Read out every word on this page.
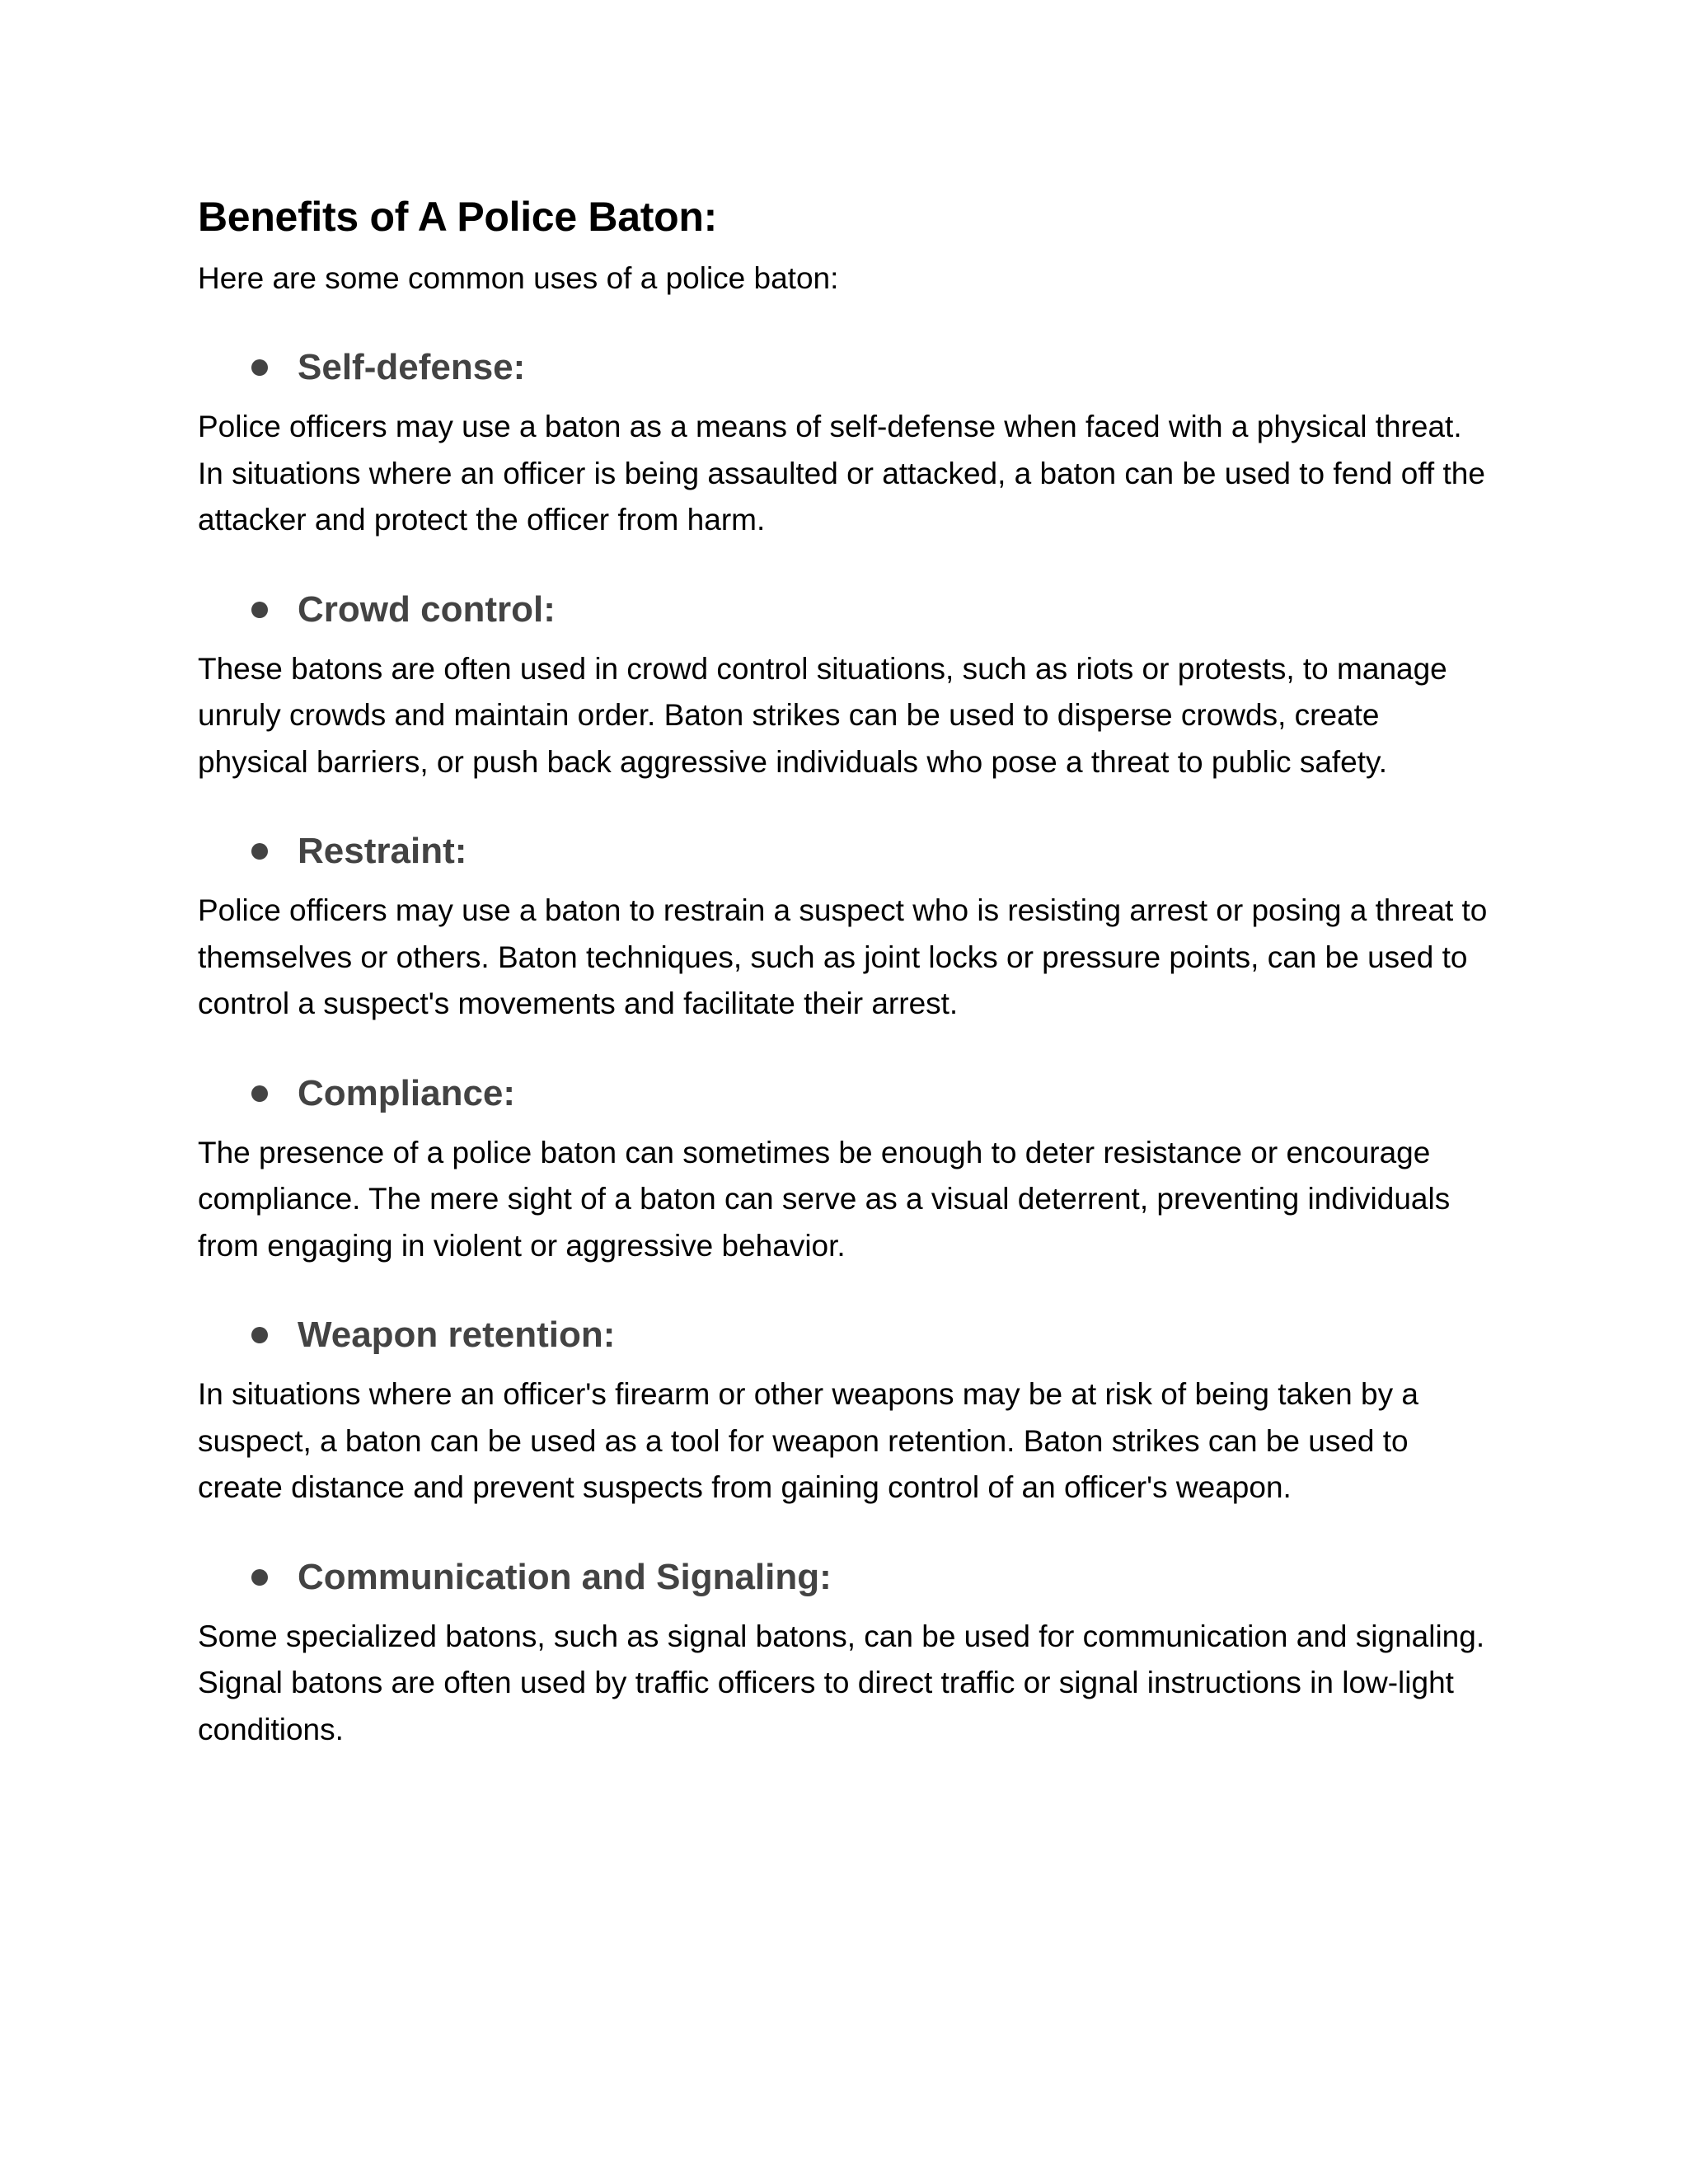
Benefits of A Police Baton:

Here are some common uses of a police baton:

Self-defense:

Police officers may use a baton as a means of self-defense when faced with a physical threat. In situations where an officer is being assaulted or attacked, a baton can be used to fend off the attacker and protect the officer from harm.

Crowd control:

These batons are often used in crowd control situations, such as riots or protests, to manage unruly crowds and maintain order. Baton strikes can be used to disperse crowds, create physical barriers, or push back aggressive individuals who pose a threat to public safety.

Restraint:

Police officers may use a baton to restrain a suspect who is resisting arrest or posing a threat to themselves or others. Baton techniques, such as joint locks or pressure points, can be used to control a suspect's movements and facilitate their arrest.

Compliance:

The presence of a police baton can sometimes be enough to deter resistance or encourage compliance. The mere sight of a baton can serve as a visual deterrent, preventing individuals from engaging in violent or aggressive behavior.

Weapon retention:

In situations where an officer's firearm or other weapons may be at risk of being taken by a suspect, a baton can be used as a tool for weapon retention. Baton strikes can be used to create distance and prevent suspects from gaining control of an officer's weapon.

Communication and Signaling:

Some specialized batons, such as signal batons, can be used for communication and signaling. Signal batons are often used by traffic officers to direct traffic or signal instructions in low-light conditions.
